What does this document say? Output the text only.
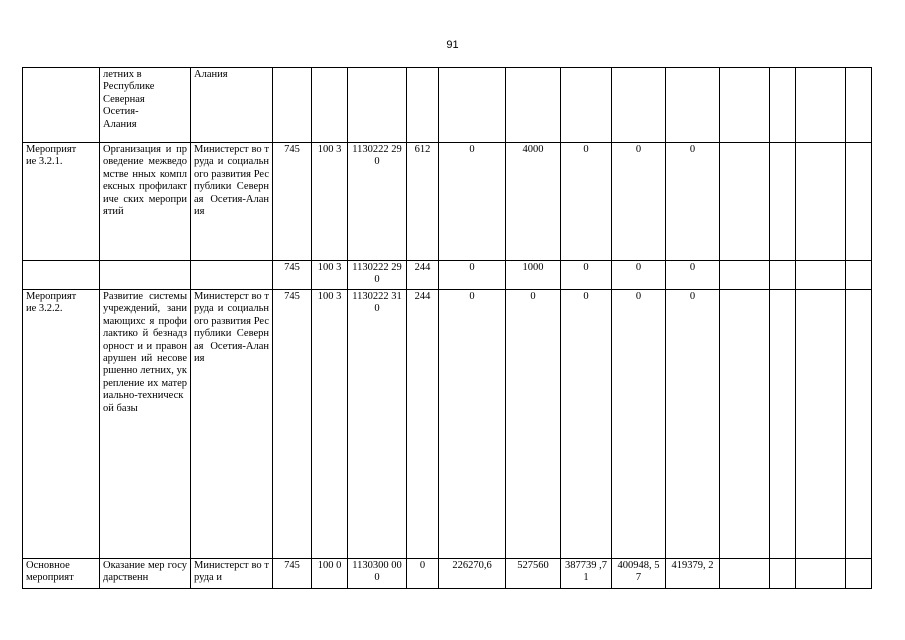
91
	летних в
Республике
Северная
Осетия-
Алания	Алания													
Мероприят
ие 3.2.1.	Организация и проведение межведомстве нных комплексных профилактиче ских мероприятий	Министерст во труда и социального развития Республики Северная Осетия-Алания	745	100 3	1130222 290	612	0	4000	0	0	0				
			745	100 3	1130222 290	244	0	1000	0	0	0				
Мероприят
ие 3.2.2.	Развитие системы учреждений, занимающихс я профилактико й безнадзорност и и правонарушен ий несовершенно летних, укрепление их материально-технической базы	Министерст во труда и социального развития Республики Северная Осетия-Алания	745	100 3	1130222 310	244	0	0	0	0	0				
Основное
мероприят	Оказание мер государственн	Министерст во труда и	745	100 0	1130300 000	0	226270,6	527560	387739 ,71	400948, 57	419379, 2				
